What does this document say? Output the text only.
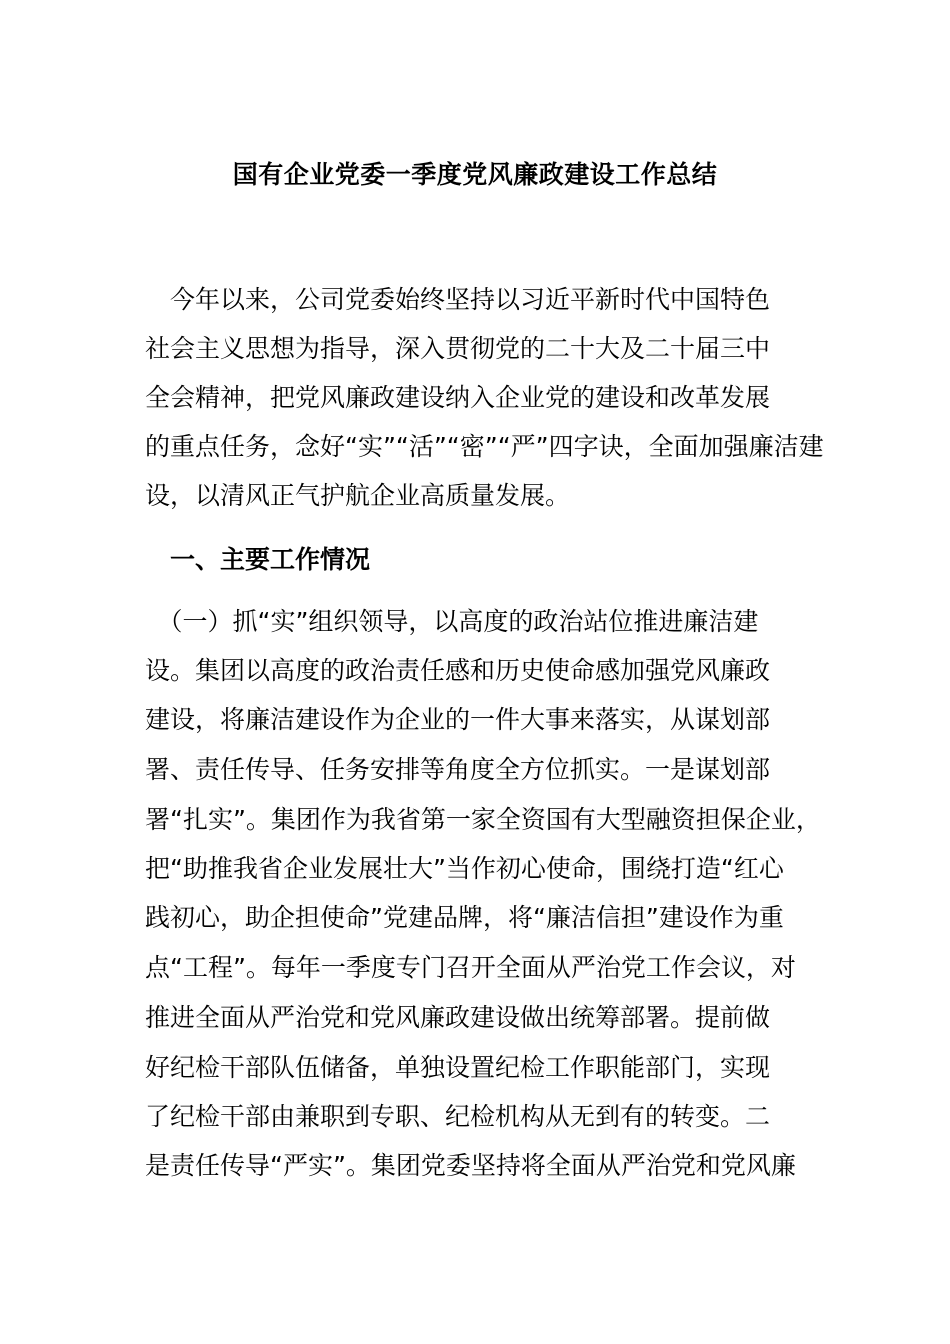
国有企业党委一季度党风廉政建设工作总结
　今年以来，公司党委始终坚持以习近平新时代中国特色
社会主义思想为指导，深入贯彻党的二十大及二十届三中
全会精神，把党风廉政建设纳入企业党的建设和改革发展
的重点任务，念好“实”“活”“密”“严”四字诀，全面加强廉洁建
设，以清风正气护航企业高质量发展。
　一、主要工作情况
　（一）抓“实”组织领导，以高度的政治站位推进廉洁建
设。集团以高度的政治责任感和历史使命感加强党风廉政
建设，将廉洁建设作为企业的一件大事来落实，从谋划部
署、责任传导、任务安排等角度全方位抓实。一是谋划部
署“扎实”。集团作为我省第一家全资国有大型融资担保企业，
把“助推我省企业发展壮大”当作初心使命，围绕打造“红心
践初心，助企担使命”党建品牌，将“廉洁信担”建设作为重
点“工程”。每年一季度专门召开全面从严治党工作会议，对
推进全面从严治党和党风廉政建设做出统筹部署。提前做
好纪检干部队伍储备，单独设置纪检工作职能部门，实现
了纪检干部由兼职到专职、纪检机构从无到有的转变。二
是责任传导“严实”。集团党委坚持将全面从严治党和党风廉
